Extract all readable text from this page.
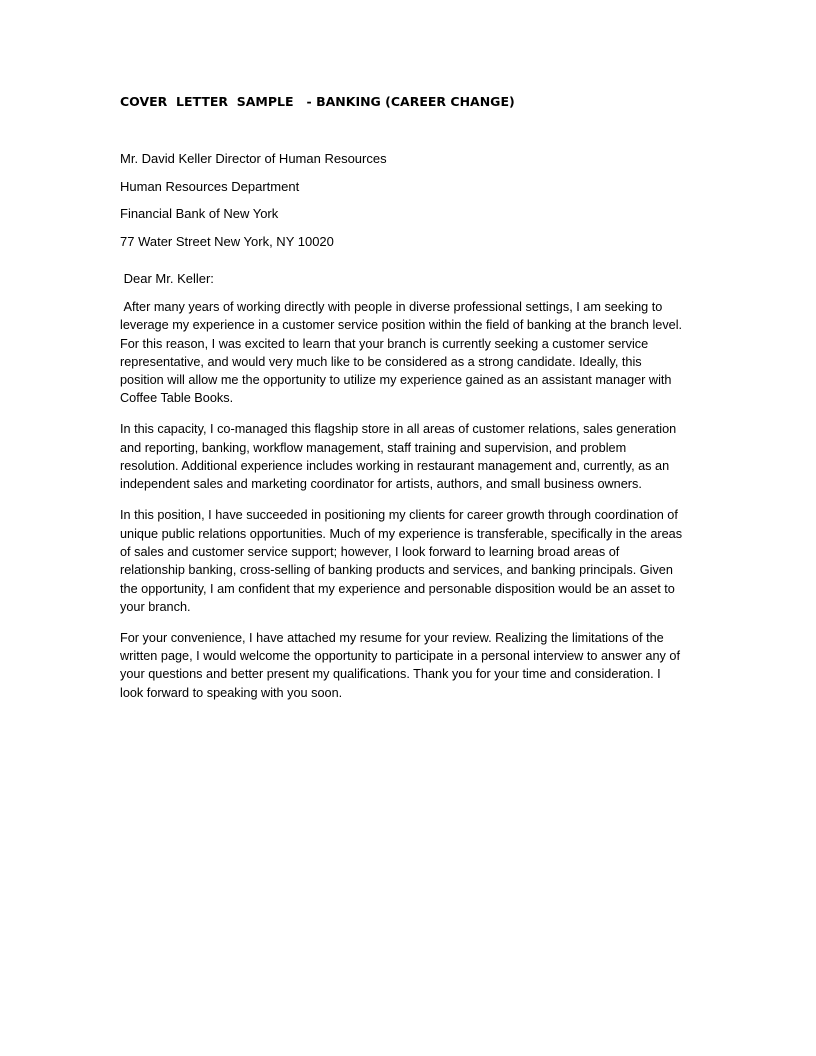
COVER  LETTER  SAMPLE   - BANKING (CAREER CHANGE)
Mr. David Keller Director of Human Resources
Human Resources Department
Financial Bank of New York
77 Water Street New York, NY 10020
Dear Mr. Keller:

After many years of working directly with people in diverse professional settings, I am seeking to leverage my experience in a customer service position within the field of banking at the branch level.   For this reason, I was excited to learn that your branch is currently seeking a customer service representative, and would very much like to be considered as a strong candidate. Ideally, this position will allow me the opportunity to utilize my experience gained as an assistant manager with Coffee Table Books.

In this capacity, I co-managed this flagship store in all areas of customer relations, sales generation and reporting, banking, workflow management, staff training and supervision, and problem resolution. Additional experience includes working in restaurant management and, currently, as an independent sales and marketing coordinator for artists, authors, and small business owners.

In this position, I have succeeded in positioning my clients for career growth through coordination of unique public relations opportunities. Much of my experience is transferable, specifically in the areas of sales and customer service support; however, I look forward to learning broad areas of relationship banking, cross-selling of banking products and services, and banking principals. Given the opportunity, I am confident that my experience and personable disposition would be an asset to your branch.

For your convenience, I have attached my resume for your review. Realizing the limitations of the written page, I would welcome the opportunity to participate in a personal interview to answer any of your questions and better present my qualifications. Thank you for your time and consideration. I look forward to speaking with you soon.
